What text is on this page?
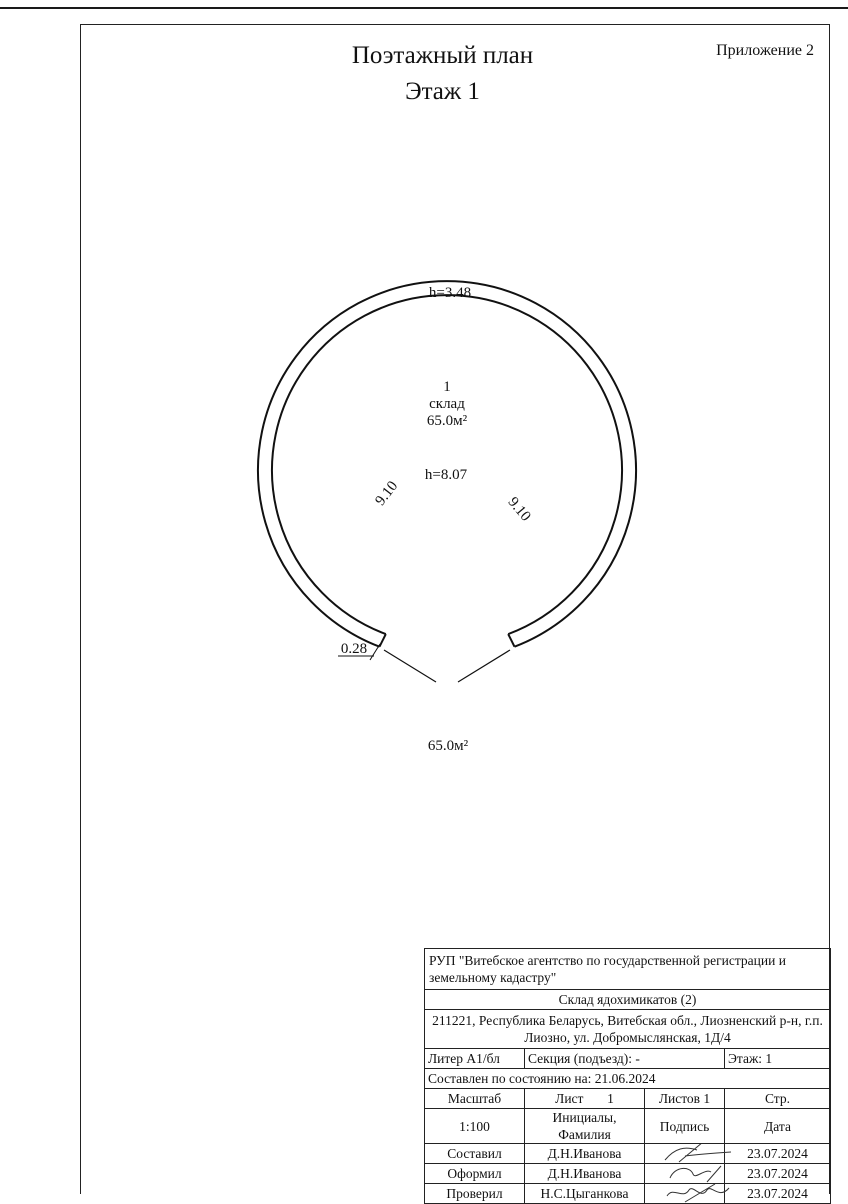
Поэтажный план
Этаж 1
Приложение 2
h=3.48
1
склад
65.0м²
h=8.07
9.10
9.10
0.28
65.0м²
РУП "Витебское агентство по государственной регистрации и земельному кадастру"			
Склад ядохимикатов (2)			
211221, Республика Беларусь, Витебская обл., Лиозненский р-н, г.п. Лиозно, ул. Добромыслянская, 1Д/4			
Литер А1/бл	Секция (подъезд): -		Этаж: 1
Составлен по состоянию на: 21.06.2024			
Масштаб	Лист 1	Листов 1	Стр.
1:100	Инициалы, Фамилия	Подпись	Дата
Составил	Д.Н.Иванова		23.07.2024
Оформил	Д.Н.Иванова		23.07.2024
Проверил	Н.С.Цыганкова		23.07.2024
